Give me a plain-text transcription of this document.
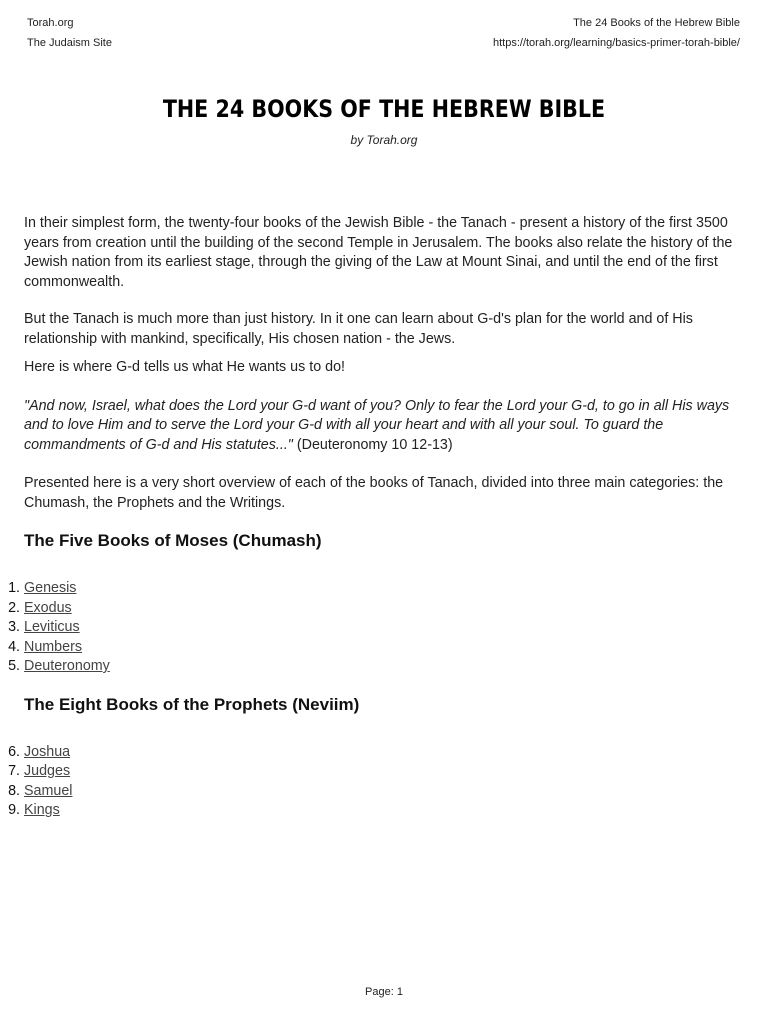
Torah.org
The Judaism Site
The 24 Books of the Hebrew Bible
https://torah.org/learning/basics-primer-torah-bible/
THE 24 BOOKS OF THE HEBREW BIBLE
by Torah.org

In their simplest form, the twenty-four books of the Jewish Bible - the Tanach - present a history of the first 3500 years from creation until the building of the second Temple in Jerusalem. The books also relate the history of the Jewish nation from its earliest stage, through the giving of the Law at Mount Sinai, and until the end of the first commonwealth.

But the Tanach is much more than just history. In it one can learn about G-d's plan for the world and of His relationship with mankind, specifically, His chosen nation - the Jews.

Here is where G-d tells us what He wants us to do!

"And now, Israel, what does the Lord your G-d want of you? Only to fear the Lord your G-d, to go in all His ways and to love Him and to serve the Lord your G-d with all your heart and with all your soul. To guard the commandments of G-d and His statutes..." (Deuteronomy 10 12-13)

Presented here is a very short overview of each of the books of Tanach, divided into three main categories: the Chumash, the Prophets and the Writings.

The Five Books of Moses (Chumash)
1. Genesis
2. Exodus
3. Leviticus
4. Numbers
5. Deuteronomy
The Eight Books of the Prophets (Neviim)
6. Joshua
7. Judges
8. Samuel
9. Kings
Page: 1
